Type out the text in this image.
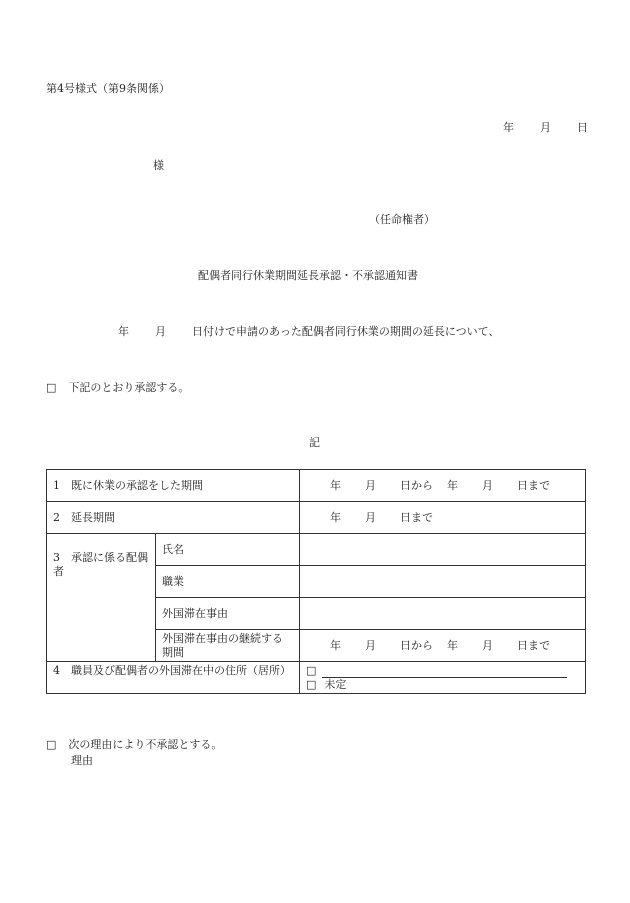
第4号様式（第9条関係）
年 月 日
様
（任命権者）
配偶者同行休業期間延長承認・不承認通知書
年 月 日付けで申請のあった配偶者同行休業の期間の延長について、
□ 下記のとおり承認する。
記
1　既に休業の承認をした期間		年 月 日から 年 月 日まで
2　延長期間		年 月 日まで
3　承認に係る配偶者	氏名	
	職業	
	外国滞在事由	
	外国滞在事由の継続する期間	年 月 日から 年 月 日まで
4　職員及び配偶者の外国滞在中の住所（居所）		□
□ 未定
□ 次の理由により不承認とする。
理由
